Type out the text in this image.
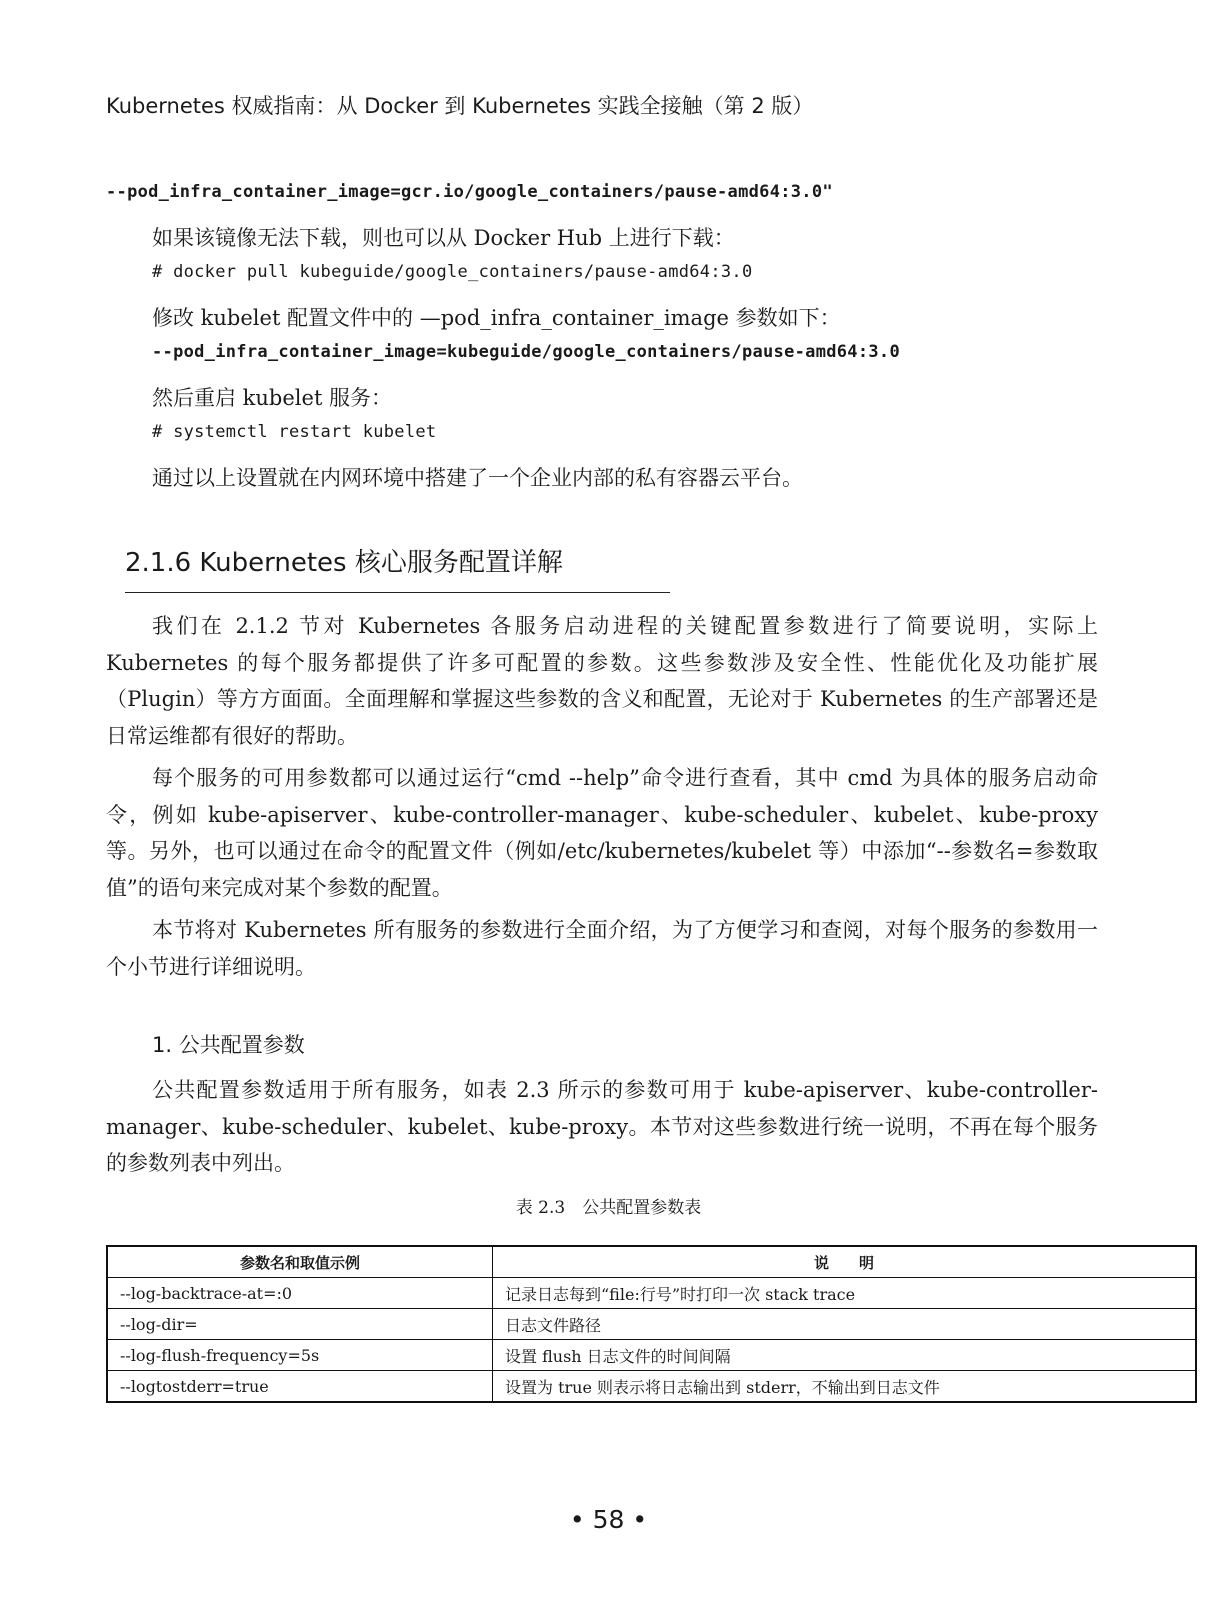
Kubernetes 权威指南：从 Docker 到 Kubernetes 实践全接触（第 2 版）
--pod_infra_container_image=gcr.io/google_containers/pause-amd64:3.0"
如果该镜像无法下载，则也可以从 Docker Hub 上进行下载：
# docker pull kubeguide/google_containers/pause-amd64:3.0
修改 kubelet 配置文件中的 —pod_infra_container_image 参数如下：
--pod_infra_container_image=kubeguide/google_containers/pause-amd64:3.0
然后重启 kubelet 服务：
# systemctl restart kubelet
通过以上设置就在内网环境中搭建了一个企业内部的私有容器云平台。
2.1.6 Kubernetes 核心服务配置详解

我们在 2.1.2 节对 Kubernetes 各服务启动进程的关键配置参数进行了简要说明，实际上 Kubernetes 的每个服务都提供了许多可配置的参数。这些参数涉及安全性、性能优化及功能扩展（Plugin）等方方面面。全面理解和掌握这些参数的含义和配置，无论对于 Kubernetes 的生产部署还是日常运维都有很好的帮助。

每个服务的可用参数都可以通过运行“cmd --help”命令进行查看，其中 cmd 为具体的服务启动命令，例如 kube-apiserver、kube-controller-manager、kube-scheduler、kubelet、kube-proxy 等。另外，也可以通过在命令的配置文件（例如/etc/kubernetes/kubelet 等）中添加“--参数名=参数取值”的语句来完成对某个参数的配置。

本节将对 Kubernetes 所有服务的参数进行全面介绍，为了方便学习和查阅，对每个服务的参数用一个小节进行详细说明。

1. 公共配置参数

公共配置参数适用于所有服务，如表 2.3 所示的参数可用于 kube-apiserver、kube-controller-manager、kube-scheduler、kubelet、kube-proxy。本节对这些参数进行统一说明，不再在每个服务的参数列表中列出。

表 2.3　公共配置参数表
参数名和取值示例	说　　明
--log-backtrace-at=:0	记录日志每到“file:行号”时打印一次 stack trace
--log-dir=	日志文件路径
--log-flush-frequency=5s	设置 flush 日志文件的时间间隔
--logtostderr=true	设置为 true 则表示将日志输出到 stderr，不输出到日志文件
• 58 •
